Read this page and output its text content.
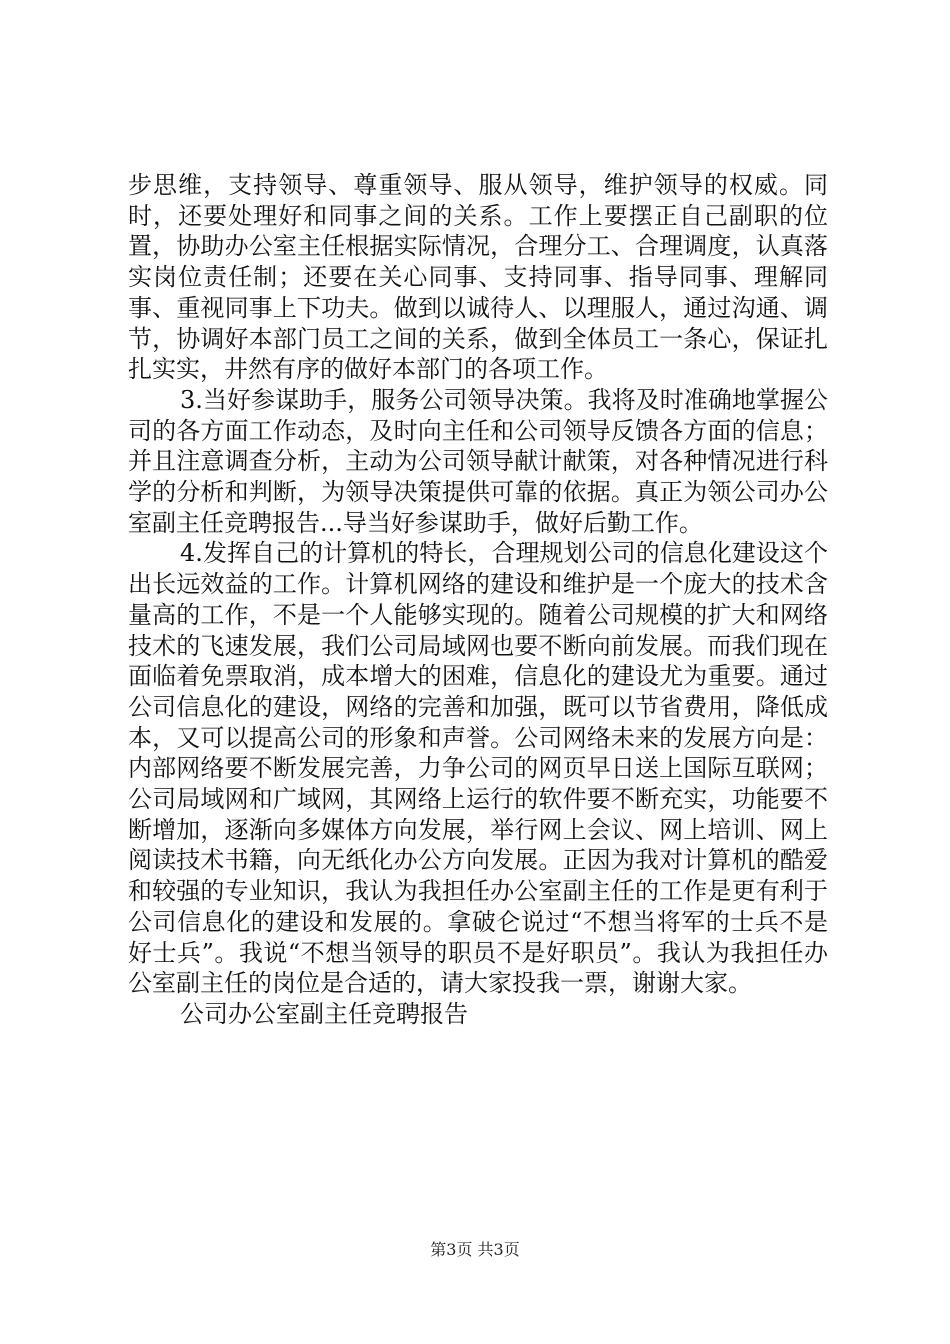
步思维，支持领导、尊重领导、服从领导，维护领导的权威。同时，还要处理好和同事之间的关系。工作上要摆正自己副职的位置，协助办公室主任根据实际情况，合理分工、合理调度，认真落实岗位责任制；还要在关心同事、支持同事、指导同事、理解同事、重视同事上下功夫。做到以诚待人、以理服人，通过沟通、调节，协调好本部门员工之间的关系，做到全体员工一条心，保证扎扎实实，井然有序的做好本部门的各项工作。

3.当好参谋助手，服务公司领导决策。我将及时准确地掌握公司的各方面工作动态，及时向主任和公司领导反馈各方面的信息；并且注意调查分析，主动为公司领导献计献策，对各种情况进行科学的分析和判断，为领导决策提供可靠的依据。真正为领公司办公室副主任竞聘报告...导当好参谋助手，做好后勤工作。

4.发挥自己的计算机的特长，合理规划公司的信息化建设这个出长远效益的工作。计算机网络的建设和维护是一个庞大的技术含量高的工作，不是一个人能够实现的。随着公司规模的扩大和网络技术的飞速发展，我们公司局域网也要不断向前发展。而我们现在面临着免票取消，成本增大的困难，信息化的建设尤为重要。通过公司信息化的建设，网络的完善和加强，既可以节省费用，降低成本，又可以提高公司的形象和声誉。公司网络未来的发展方向是：内部网络要不断发展完善，力争公司的网页早日送上国际互联网；公司局域网和广域网，其网络上运行的软件要不断充实，功能要不断增加，逐渐向多媒体方向发展，举行网上会议、网上培训、网上阅读技术书籍，向无纸化办公方向发展。正因为我对计算机的酷爱和较强的专业知识，我认为我担任办公室副主任的工作是更有利于公司信息化的建设和发展的。拿破仑说过“不想当将军的士兵不是好士兵”。我说“不想当领导的职员不是好职员”。我认为我担任办公室副主任的岗位是合适的，请大家投我一票，谢谢大家。

公司办公室副主任竞聘报告

第3页 共3页
